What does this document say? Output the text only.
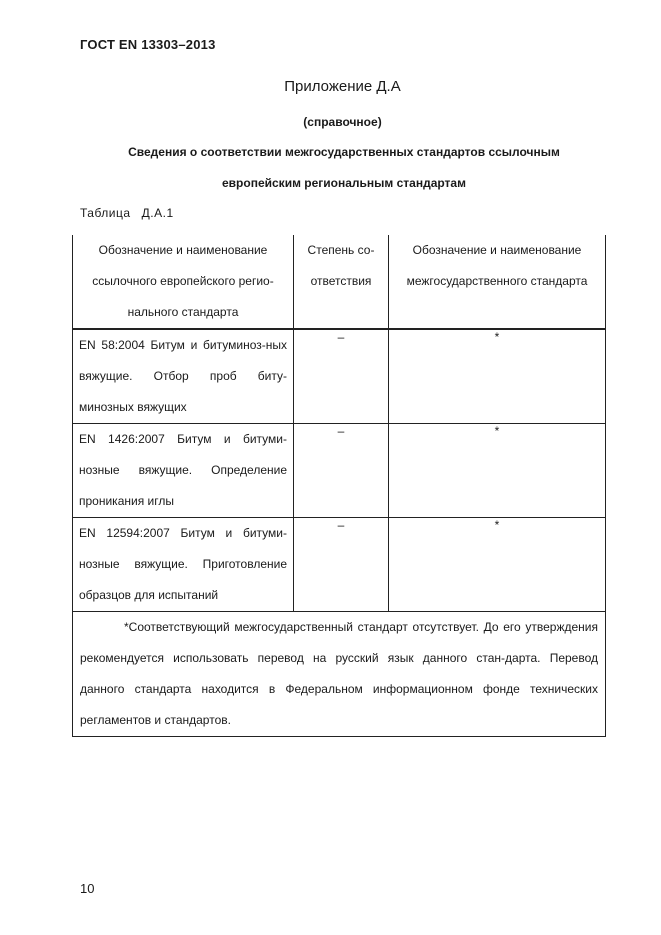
ГОСТ EN 13303–2013
Приложение Д.А
(справочное)
Сведения о соответствии межгосударственных стандартов ссылочным
европейским региональным стандартам
Таблица Д.А.1
Обозначение и наименование ссылочного европейского регио-нального стандарта	Степень со-ответствия	Обозначение и наименование межгосударственного стандарта
EN 58:2004 Битум и битуминоз-ных вяжущие. Отбор проб биту-минозных вяжущих	–	*
EN 1426:2007 Битум и битуми-нозные вяжущие. Определение проникания иглы	–	*
EN 12594:2007 Битум и битуми-нозные вяжущие. Приготовление образцов для испытаний	–	*

*Соответствующий межгосударственный стандарт отсутствует. До его утверждения рекомендуется использовать перевод на русский язык данного стан-дарта. Перевод данного стандарта находится в Федеральном информационном фонде технических регламентов и стандартов.		
10
